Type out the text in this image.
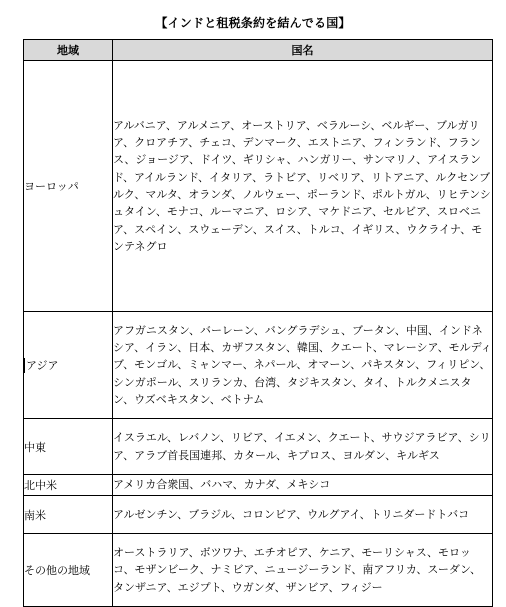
【インドと租税条約を結んでる国】
地域	国名
ヨーロッパ	アルバニア、アルメニア、オーストリア、ベラルーシ、ベルギー、ブルガリア、クロアチア、チェコ、デンマーク、エストニア、フィンランド、フランス、ジョージア、ドイツ、ギリシャ、ハンガリー、サンマリノ、アイスランド、アイルランド、イタリア、ラトビア、リベリア、リトアニア、ルクセンブルク、マルタ、オランダ、ノルウェー、ポーランド、ポルトガル、リヒテンシュタイン、モナコ、ルーマニア、ロシア、マケドニア、セルビア、スロベニア、スペイン、スウェーデン、スイス、トルコ、イギリス、ウクライナ、モンテネグロ
アジア	アフガニスタン、バーレーン、バングラデシュ、ブータン、中国、インドネシア、イラン、日本、カザフスタン、韓国、クエート、マレーシア、モルディブ、モンゴル、ミャンマー、ネパール、オマーン、パキスタン、フィリピン、シンガポール、スリランカ、台湾、タジキスタン、タイ、トルクメニスタン、ウズベキスタン、ベトナム
中東	イスラエル、レバノン、リビア、イエメン、クエート、サウジアラビア、シリア、アラブ首長国連邦、カタール、キプロス、ヨルダン、キルギス
北中米	アメリカ合衆国、バハマ、カナダ、メキシコ
南米	アルゼンチン、ブラジル、コロンビア、ウルグアイ、トリニダードトバコ
その他の地域	オーストラリア、ボツワナ、エチオピア、ケニア、モーリシャス、モロッコ、モザンビーク、ナミビア、ニュージーランド、南アフリカ、スーダン、タンザニア、エジプト、ウガンダ、ザンビア、フィジー
